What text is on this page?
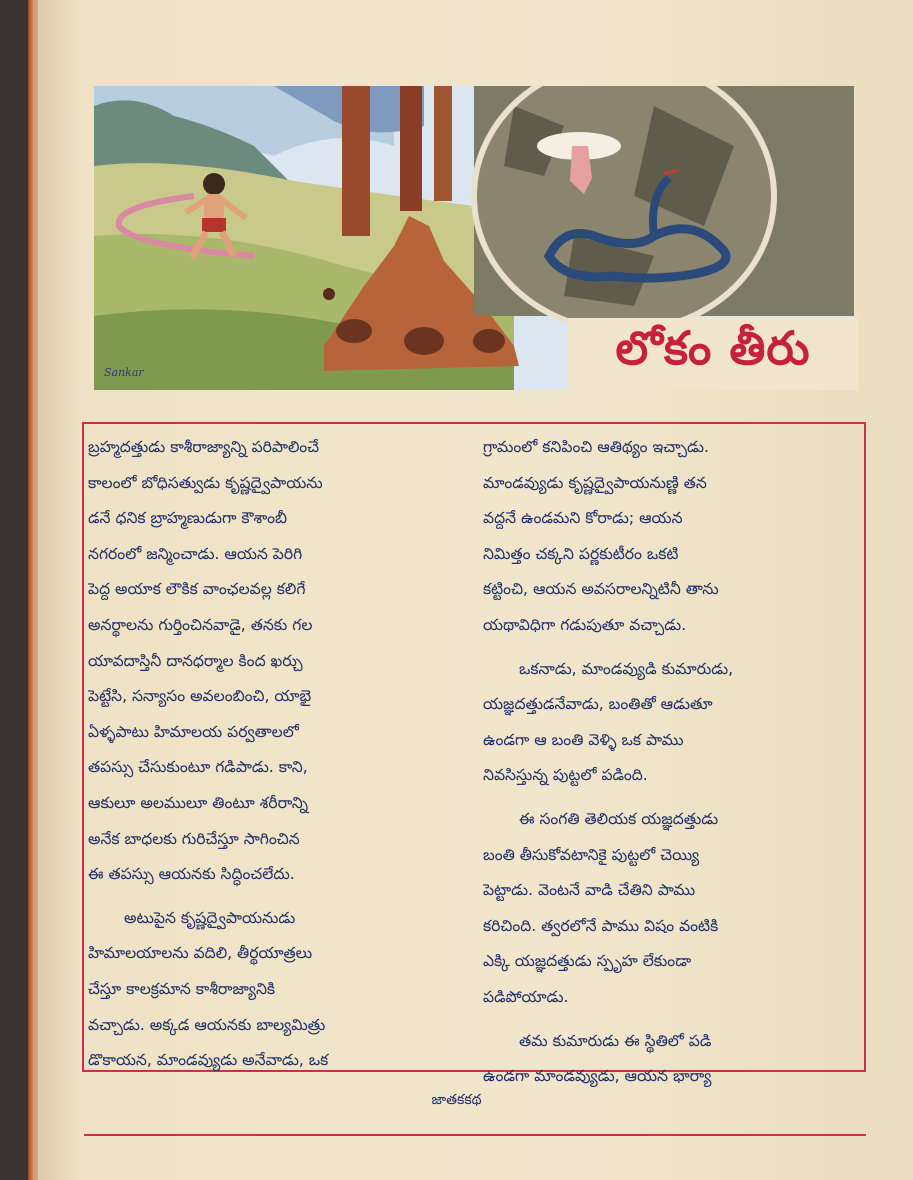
Sankar	లోకం తీరు
బ్రహ్మదత్తుడు కాశీరాజ్యాన్ని పరిపాలించే
కాలంలో బోధిసత్వుడు కృష్ణద్వైపాయను
డనే ధనిక బ్రాహ్మణుడుగా కౌశాంబీ
నగరంలో జన్మించాడు. ఆయన పెరిగి
పెద్ద అయాక లౌకిక వాంఛలవల్ల కలిగే
అనర్థాలను గుర్తించినవాడై, తనకు గల
యావదాస్తినీ దానధర్మాల కింద ఖర్చు
పెట్టేసి, సన్యాసం అవలంబించి, యాభై
ఏళ్ళపాటు హిమాలయ పర్వతాలలో
తపస్సు చేసుకుంటూ గడిపాడు. కాని,
ఆకులూ అలములూ తింటూ శరీరాన్ని
అనేక బాధలకు గురిచేస్తూ సాగించిన
ఈ తపస్సు ఆయనకు సిద్ధించలేదు.
అటుపైన కృష్ణద్వైపాయనుడు
హిమాలయాలను వదిలి, తీర్థయాత్రలు
చేస్తూ కాలక్రమాన కాశీరాజ్యానికి
వచ్చాడు. అక్కడ ఆయనకు బాల్యమిత్రు
డొకాయన, మాండవ్యుడు అనేవాడు, ఒక
గ్రామంలో కనిపించి ఆతిథ్యం ఇచ్చాడు.
మాండవ్యుడు కృష్ణద్వైపాయనుణ్ణి తన
వద్దనే ఉండమని కోరాడు; ఆయన
నిమిత్తం చక్కని పర్ణకుటీరం ఒకటి
కట్టించి, ఆయన అవసరాలన్నిటినీ తాను
యథావిధిగా గడుపుతూ వచ్చాడు.
ఒకనాడు, మాండవ్యుడి కుమారుడు,
యజ్ఞదత్తుడనేవాడు, బంతితో ఆడుతూ
ఉండగా ఆ బంతి వెళ్ళి ఒక పాము
నివసిస్తున్న పుట్టలో పడింది.
ఈ సంగతి తెలియక యజ్ఞదత్తుడు
బంతి తీసుకోవటానికై పుట్టలో చెయ్యి
పెట్టాడు. వెంటనే వాడి చేతిని పాము
కరిచింది. త్వరలోనే పాము విషం వంటికి
ఎక్కి యజ్ఞదత్తుడు స్పృహ లేకుండా
పడిపోయాడు.
తమ కుమారుడు ఈ స్థితిలో పడి
ఉండగా మాండవ్యుడు, ఆయన భార్యా
జాతకకథ
